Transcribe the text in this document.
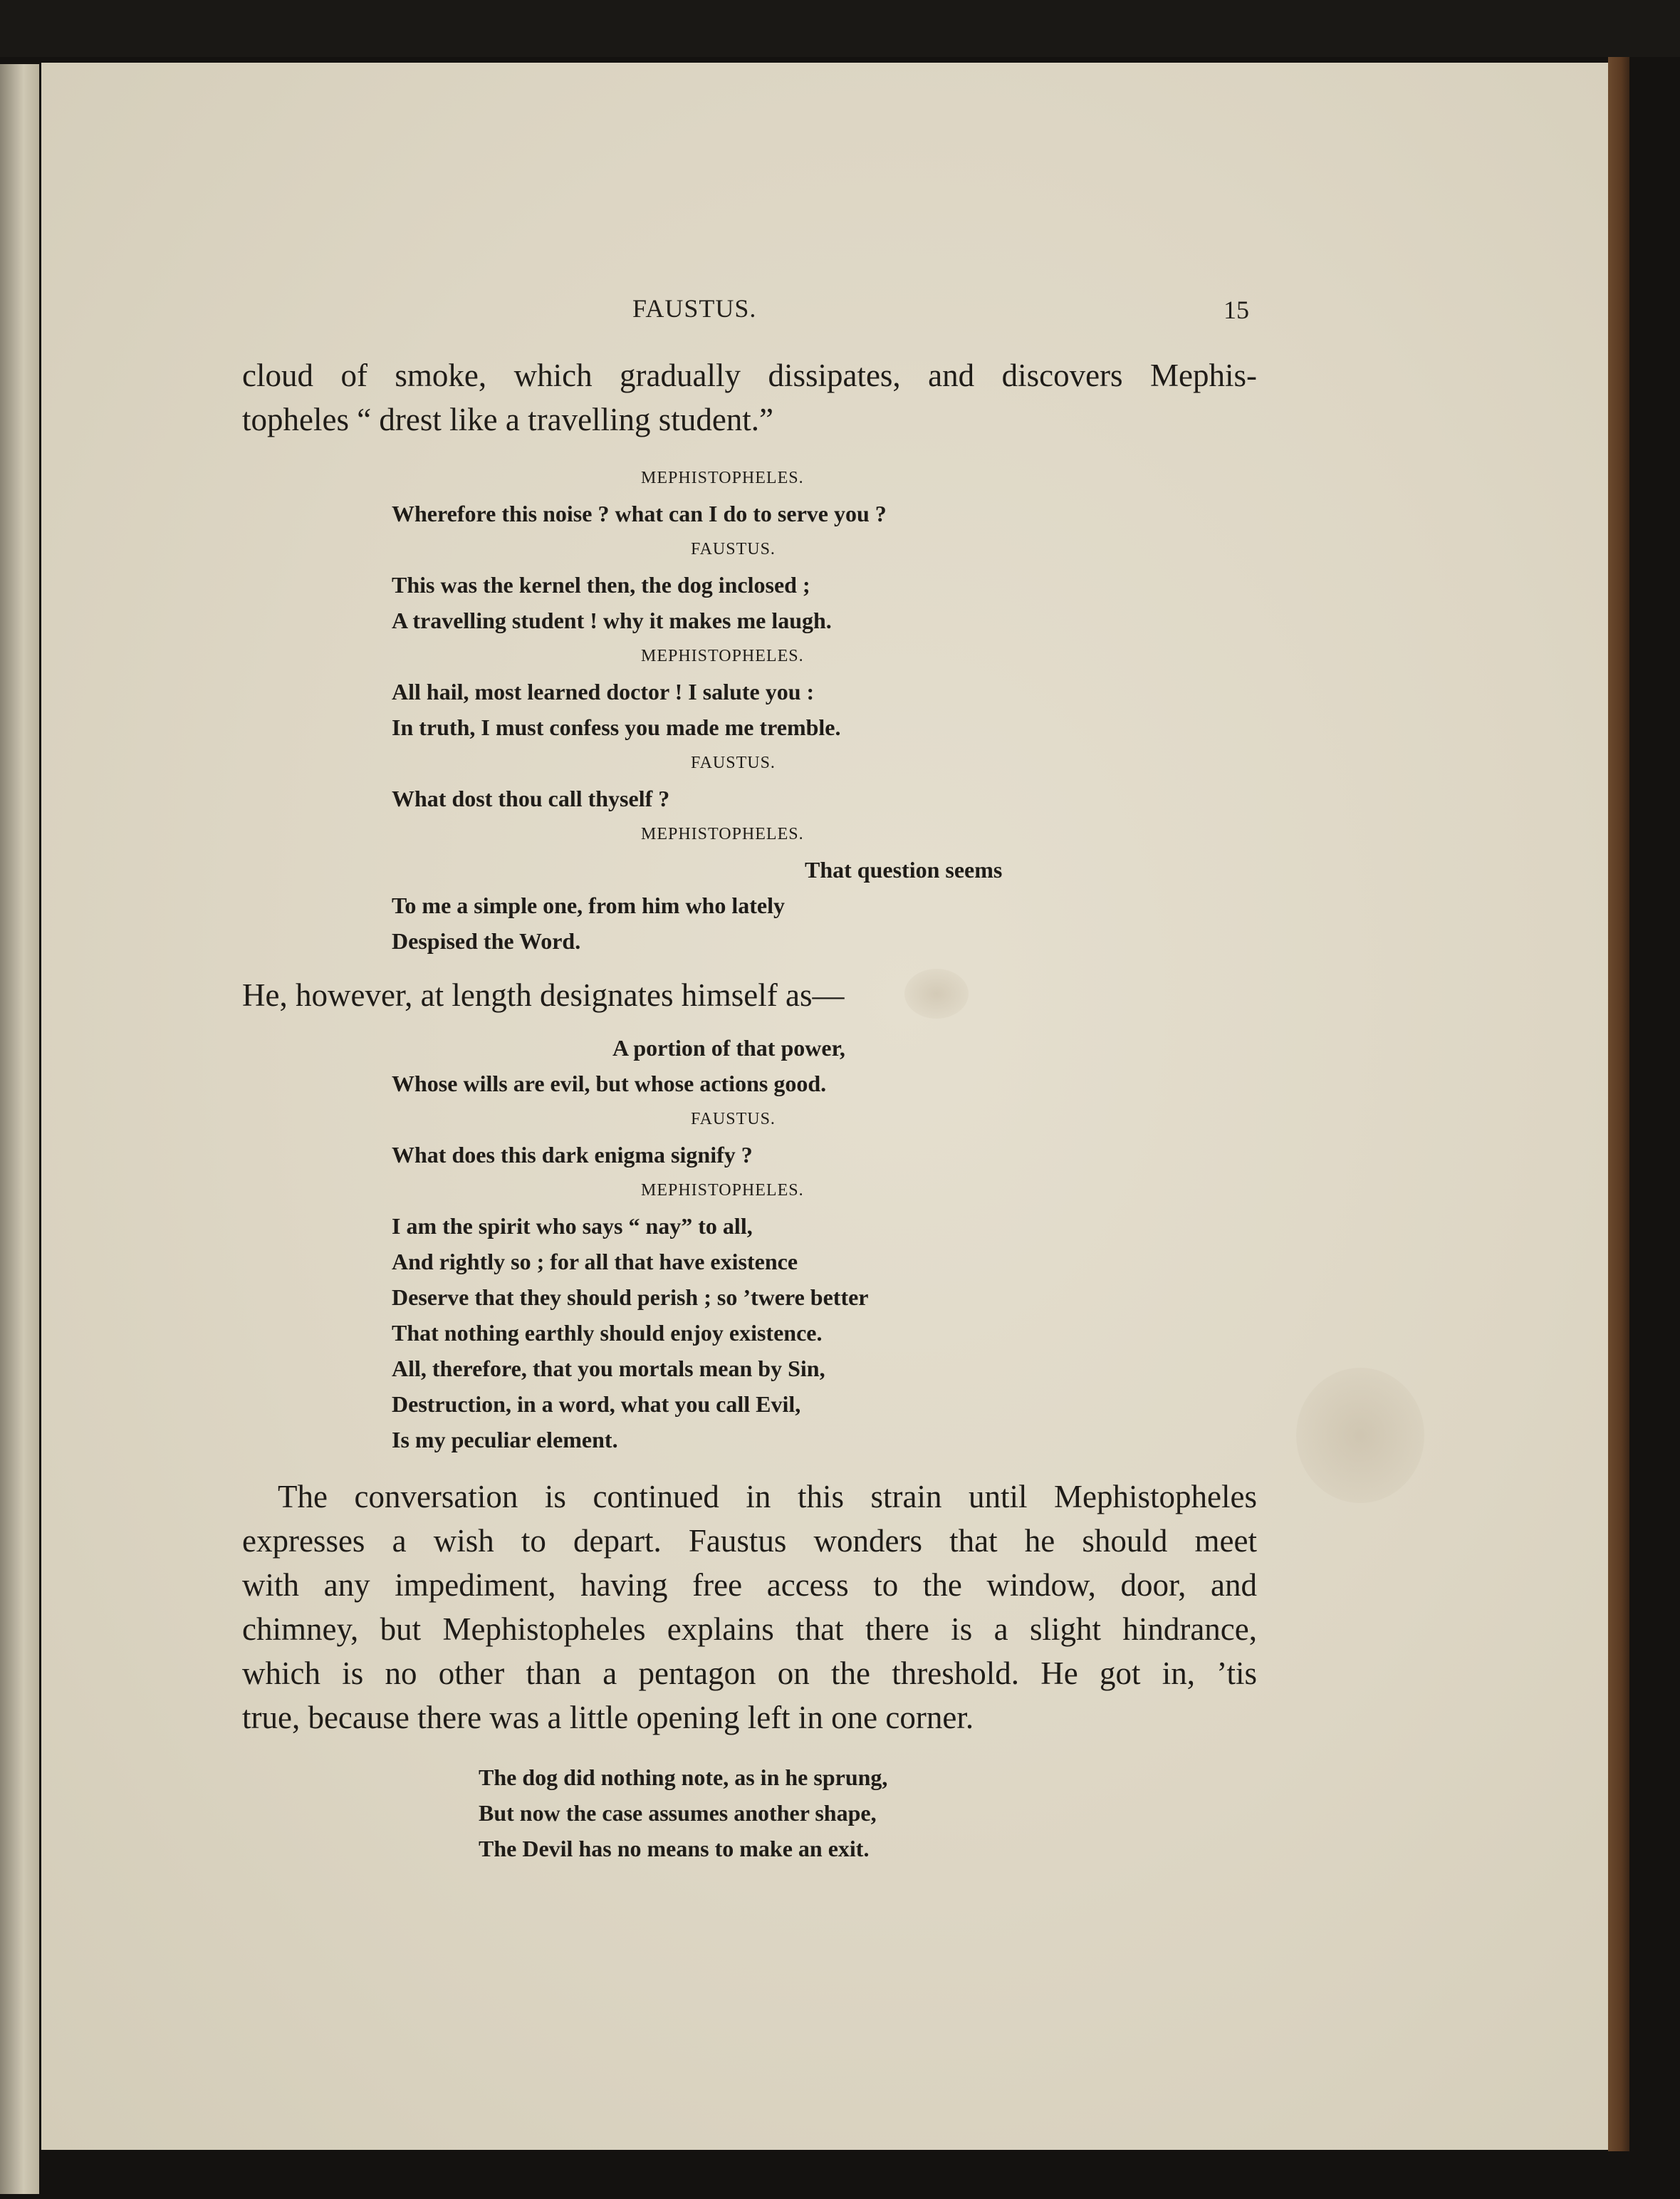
FAUSTUS.	15
cloud of smoke, which gradually dissipates, and discovers Mephis-
topheles “ drest like a travelling student.”
MEPHISTOPHELES.
Wherefore this noise ? what can I do to serve you ?
FAUSTUS.
This was the kernel then, the dog inclosed ;
A travelling student ! why it makes me laugh.
MEPHISTOPHELES.
All hail, most learned doctor ! I salute you :
In truth, I must confess you made me tremble.
FAUSTUS.
What dost thou call thyself ?
MEPHISTOPHELES.
That question seems
To me a simple one, from him who lately
Despised the Word.
He, however, at length designates himself as—
A portion of that power,
Whose wills are evil, but whose actions good.
FAUSTUS.
What does this dark enigma signify ?
MEPHISTOPHELES.
I am the spirit who says “ nay” to all,
And rightly so ; for all that have existence
Deserve that they should perish ; so ’twere better
That nothing earthly should enjoy existence.
All, therefore, that you mortals mean by Sin,
Destruction, in a word, what you call Evil,
Is my peculiar element.
The conversation is continued in this strain until Mephistopheles
expresses a wish to depart. Faustus wonders that he should meet
with any impediment, having free access to the window, door, and
chimney, but Mephistopheles explains that there is a slight hindrance,
which is no other than a pentagon on the threshold. He got in, ’tis
true, because there was a little opening left in one corner.
The dog did nothing note, as in he sprung,
But now the case assumes another shape,
The Devil has no means to make an exit.
